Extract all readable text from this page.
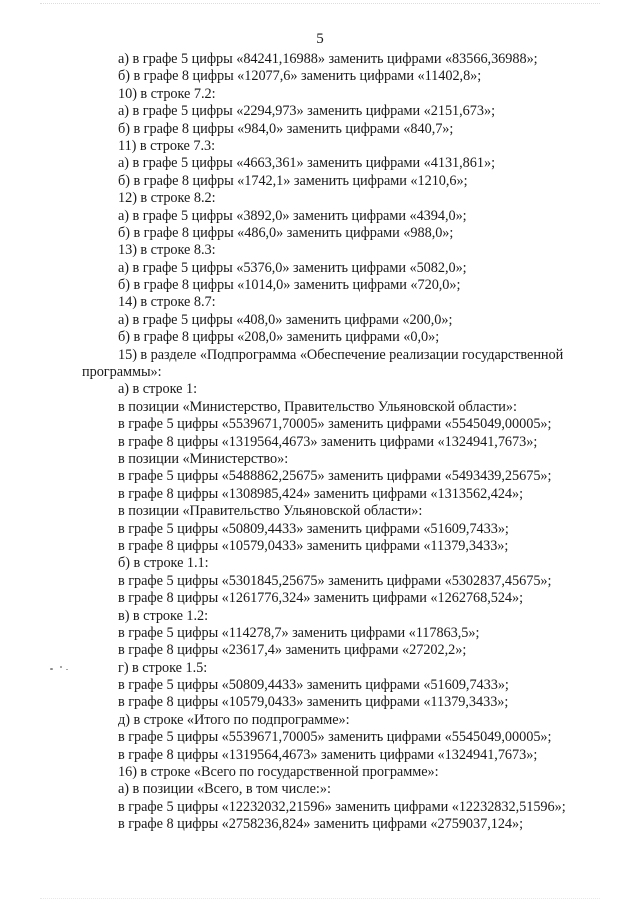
5
а) в графе 5 цифры «84241,16988» заменить цифрами «83566,36988»;
б) в графе 8 цифры «12077,6» заменить цифрами «11402,8»;
10) в строке 7.2:
а) в графе 5 цифры «2294,973» заменить цифрами «2151,673»;
б) в графе 8 цифры «984,0» заменить цифрами «840,7»;
11) в строке 7.3:
а) в графе 5 цифры «4663,361» заменить цифрами «4131,861»;
б) в графе 8 цифры «1742,1» заменить цифрами «1210,6»;
12) в строке 8.2:
а) в графе 5 цифры «3892,0» заменить цифрами «4394,0»;
б) в графе 8 цифры «486,0» заменить цифрами «988,0»;
13) в строке 8.3:
а) в графе 5 цифры «5376,0» заменить цифрами «5082,0»;
б) в графе 8 цифры «1014,0» заменить цифрами «720,0»;
14) в строке 8.7:
а) в графе 5 цифры «408,0» заменить цифрами «200,0»;
б) в графе 8 цифры «208,0» заменить цифрами «0,0»;
15) в разделе «Подпрограмма «Обеспечение реализации государственной
программы»:
а) в строке 1:
в позиции «Министерство, Правительство Ульяновской области»:
в графе 5 цифры «5539671,70005» заменить цифрами «5545049,00005»;
в графе 8 цифры «1319564,4673» заменить цифрами «1324941,7673»;
в позиции «Министерство»:
в графе 5 цифры «5488862,25675» заменить цифрами «5493439,25675»;
в графе 8 цифры «1308985,424» заменить цифрами «1313562,424»;
в позиции «Правительство Ульяновской области»:
в графе 5 цифры «50809,4433» заменить цифрами «51609,7433»;
в графе 8 цифры «10579,0433» заменить цифрами «11379,3433»;
б) в строке 1.1:
в графе 5 цифры «5301845,25675» заменить цифрами «5302837,45675»;
в графе 8 цифры «1261776,324» заменить цифрами «1262768,524»;
в) в строке 1.2:
в графе 5 цифры «114278,7» заменить цифрами «117863,5»;
в графе 8 цифры «23617,4» заменить цифрами «27202,2»;
г) в строке 1.5:
в графе 5 цифры «50809,4433» заменить цифрами «51609,7433»;
в графе 8 цифры «10579,0433» заменить цифрами «11379,3433»;
д) в строке «Итого по подпрограмме»:
в графе 5 цифры «5539671,70005» заменить цифрами «5545049,00005»;
в графе 8 цифры «1319564,4673» заменить цифрами «1324941,7673»;
16) в строке «Всего по государственной программе»:
а) в позиции «Всего, в том числе:»:
в графе 5 цифры «12232032,21596» заменить цифрами «12232832,51596»;
в графе 8 цифры «2758236,824» заменить цифрами «2759037,124»;
